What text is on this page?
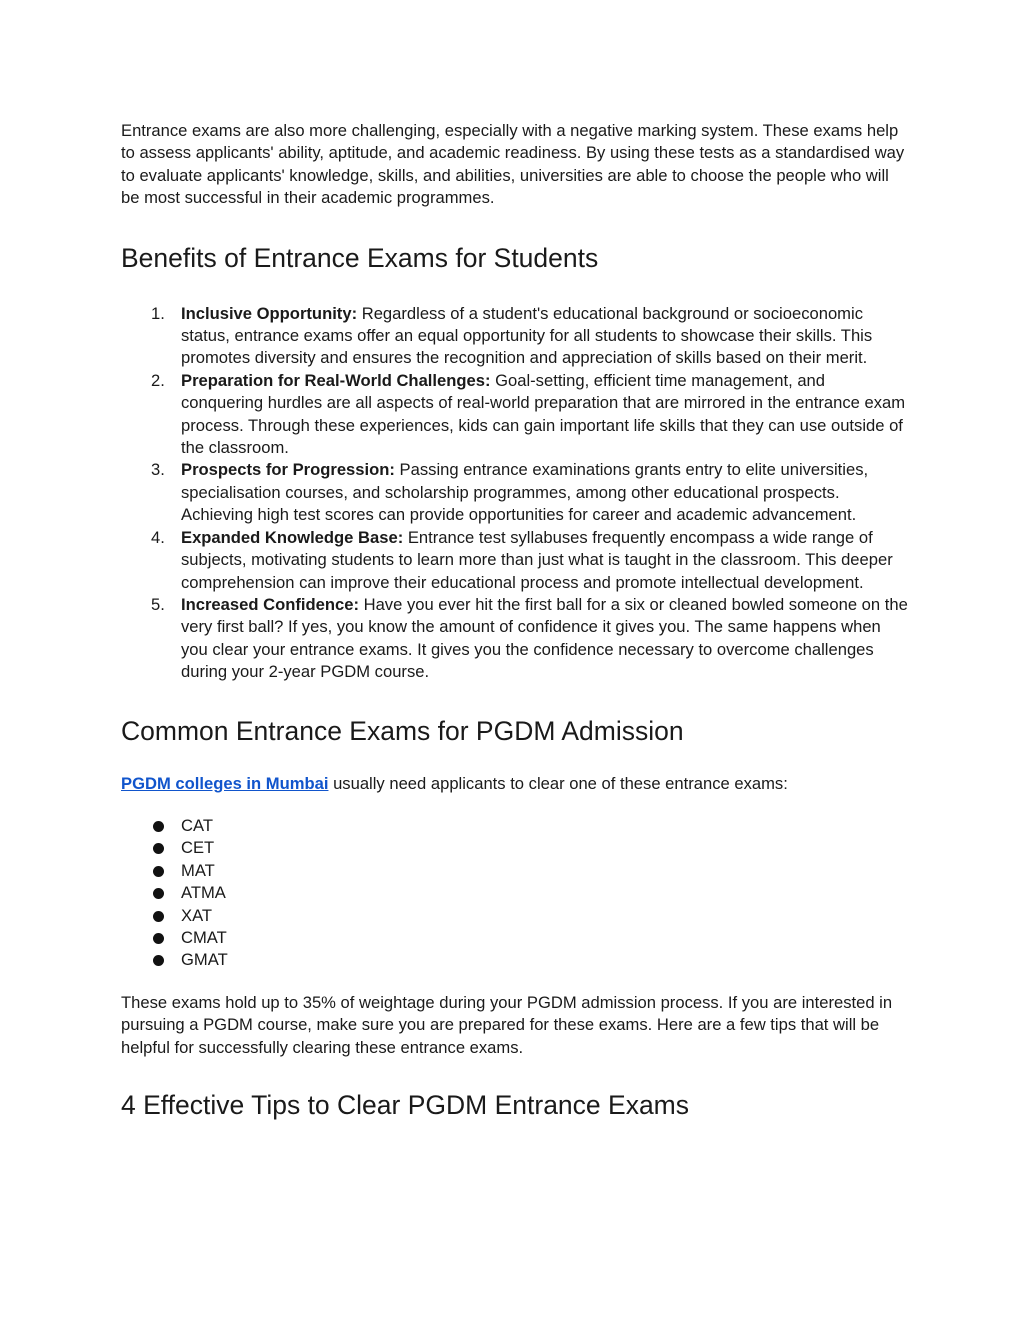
Entrance exams are also more challenging, especially with a negative marking system. These exams help to assess applicants' ability, aptitude, and academic readiness. By using these tests as a standardised way to evaluate applicants' knowledge, skills, and abilities, universities are able to choose the people who will be most successful in their academic programmes.

Benefits of Entrance Exams for Students
1. Inclusive Opportunity: Regardless of a student's educational background or socioeconomic status, entrance exams offer an equal opportunity for all students to showcase their skills. This promotes diversity and ensures the recognition and appreciation of skills based on their merit.
2. Preparation for Real-World Challenges: Goal-setting, efficient time management, and conquering hurdles are all aspects of real-world preparation that are mirrored in the entrance exam process. Through these experiences, kids can gain important life skills that they can use outside of the classroom.
3. Prospects for Progression: Passing entrance examinations grants entry to elite universities, specialisation courses, and scholarship programmes, among other educational prospects. Achieving high test scores can provide opportunities for career and academic advancement.
4. Expanded Knowledge Base: Entrance test syllabuses frequently encompass a wide range of subjects, motivating students to learn more than just what is taught in the classroom. This deeper comprehension can improve their educational process and promote intellectual development.
5. Increased Confidence: Have you ever hit the first ball for a six or cleaned bowled someone on the very first ball? If yes, you know the amount of confidence it gives you. The same happens when you clear your entrance exams. It gives you the confidence necessary to overcome challenges during your 2-year PGDM course.
Common Entrance Exams for PGDM Admission

PGDM colleges in Mumbai usually need applicants to clear one of these entrance exams:

CAT
CET
MAT
ATMA
XAT
CMAT
GMAT

These exams hold up to 35% of weightage during your PGDM admission process. If you are interested in pursuing a PGDM course, make sure you are prepared for these exams. Here are a few tips that will be helpful for successfully clearing these entrance exams.

4 Effective Tips to Clear PGDM Entrance Exams
